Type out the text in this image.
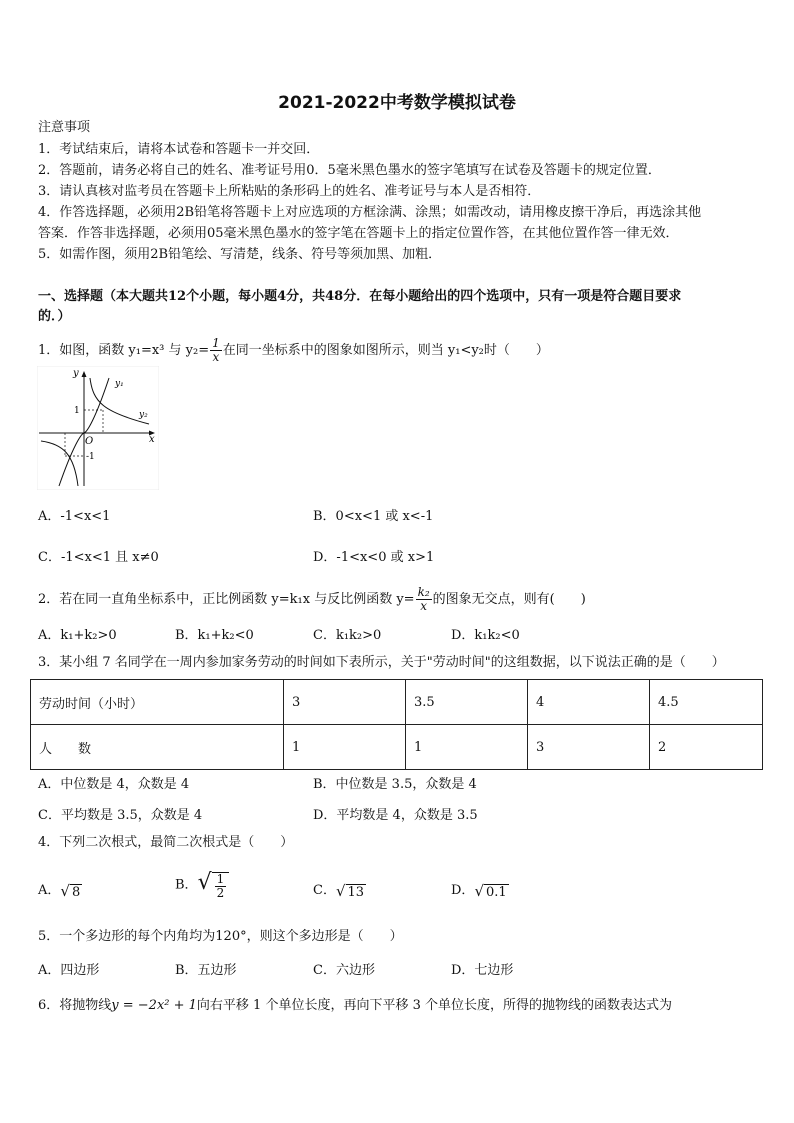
2021-2022中考数学模拟试卷
注意事项
1．考试结束后，请将本试卷和答题卡一并交回．
2．答题前，请务必将自己的姓名、准考证号用0．5毫米黑色墨水的签字笔填写在试卷及答题卡的规定位置．
3．请认真核对监考员在答题卡上所粘贴的条形码上的姓名、准考证号与本人是否相符．
4．作答选择题，必须用2B铅笔将答题卡上对应选项的方框涂满、涂黑；如需改动，请用橡皮擦干净后，再选涂其他
答案．作答非选择题，必须用05毫米黑色墨水的签字笔在答题卡上的指定位置作答，在其他位置作答一律无效．
5．如需作图，须用2B铅笔绘、写清楚，线条、符号等须加黑、加粗．
一、选择题（本大题共12个小题，每小题4分，共48分．在每小题给出的四个选项中，只有一项是符合题目要求
的．）
1．如图，函数 y₁=x³ 与 $y_2= \frac{1}{x}$ 在同一坐标系中的图象如图所示，则当 y₁<y₂时（　　）
y
x
O
1
-1
y₁
y₂
A．-1<x<1	B．0<x<1 或 x<-1
C．-1<x<1 且 x≠0	D．-1<x<0 或 x>1
2．若在同一直角坐标系中，正比例函数 y=k₁x 与反比例函数 $y= \frac{\text{k₂}}{x}$ 的图象无交点，则有(　　)
A．k₁+k₂>0	B．k₁+k₂<0	C．k₁k₂>0	D．k₁k₂<0
3．某小组 7 名同学在一周内参加家务劳动的时间如下表所示，关于"劳动时间"的这组数据，以下说法正确的是（　　）
劳动时间（小时）	3	3.5	4	4.5
人　　数	1	1	3	2
A．中位数是 4，众数是 4	B．中位数是 3.5，众数是 4
C．平均数是 3.5，众数是 4	D．平均数是 4，众数是 3.5
4．下列二次根式，最简二次根式是（　　）
A．√ 8	B．√ $\frac{1}{2}$	C．√ 13	D．√ 0.1
5．一个多边形的每个内角均为120°，则这个多边形是（　　）
A．四边形	B．五边形	C．六边形	D．七边形
6．将抛物线y = −2x² + 1向右平移 1 个单位长度，再向下平移 3 个单位长度，所得的抛物线的函数表达式为
